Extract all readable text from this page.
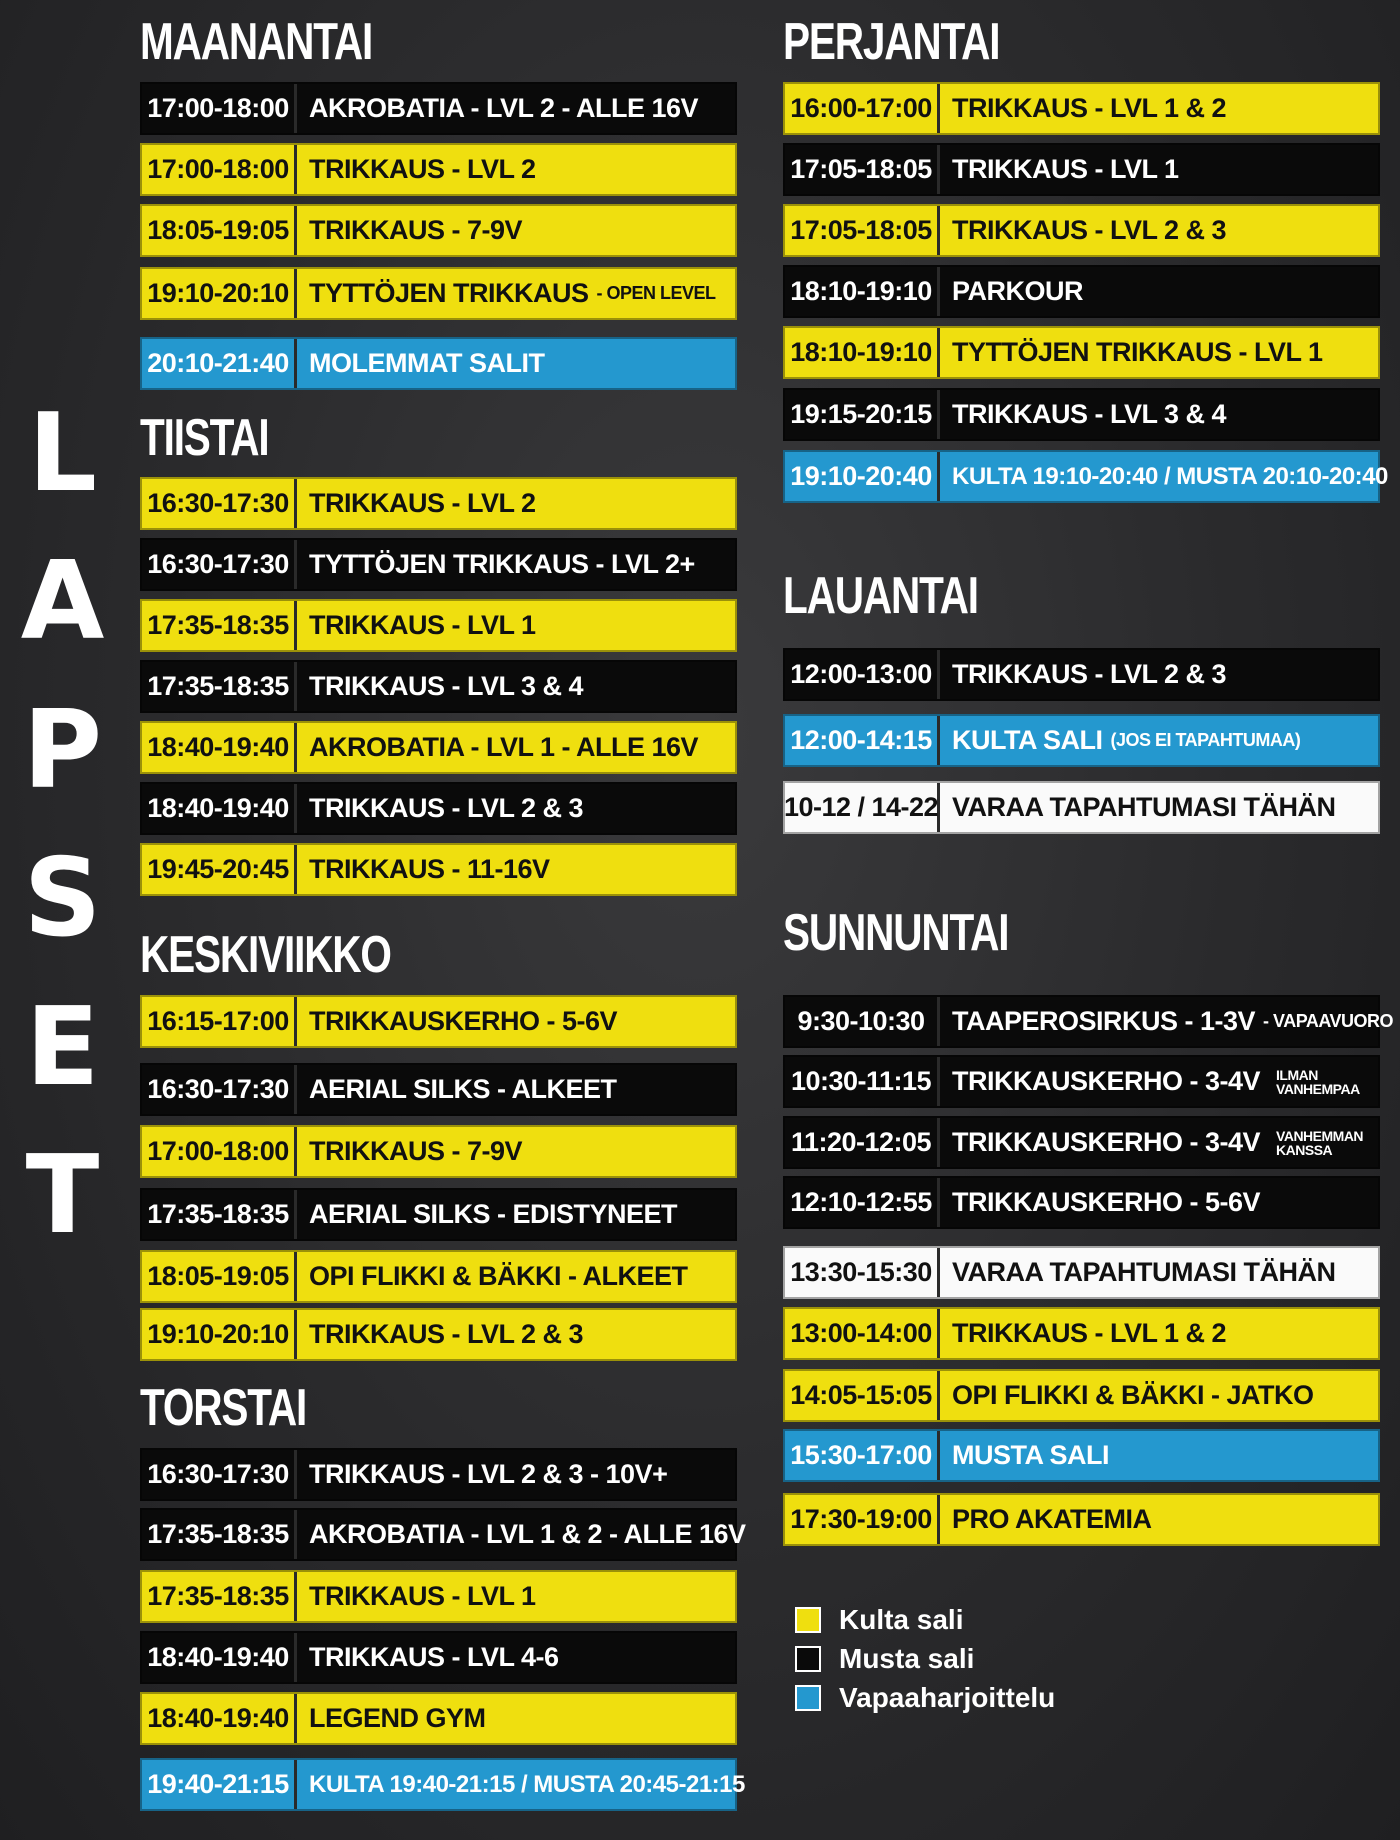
L
A
P
S
E
T
MAANANTAI
17:00-18:00 AKROBATIA - LVL 2 - ALLE 16V
17:00-18:00 TRIKKAUS - LVL 2
18:05-19:05 TRIKKAUS - 7-9V
19:10-20:10 TYTTÖJEN TRIKKAUS - OPEN LEVEL
20:10-21:40 MOLEMMAT SALIT
TIISTAI
16:30-17:30 TRIKKAUS - LVL 2
16:30-17:30 TYTTÖJEN TRIKKAUS - LVL 2+
17:35-18:35 TRIKKAUS - LVL 1
17:35-18:35 TRIKKAUS - LVL 3 & 4
18:40-19:40 AKROBATIA - LVL 1 - ALLE 16V
18:40-19:40 TRIKKAUS - LVL 2 & 3
19:45-20:45 TRIKKAUS - 11-16V
KESKIVIIKKO
16:15-17:00 TRIKKAUSKERHO - 5-6V
16:30-17:30 AERIAL SILKS - ALKEET
17:00-18:00 TRIKKAUS - 7-9V
17:35-18:35 AERIAL SILKS - EDISTYNEET
18:05-19:05 OPI FLIKKI & BÄKKI - ALKEET
19:10-20:10 TRIKKAUS - LVL 2 & 3
TORSTAI
16:30-17:30 TRIKKAUS - LVL 2 & 3 - 10V+
17:35-18:35 AKROBATIA - LVL 1 & 2 - ALLE 16V
17:35-18:35 TRIKKAUS - LVL 1
18:40-19:40 TRIKKAUS - LVL 4-6
18:40-19:40 LEGEND GYM
19:40-21:15 KULTA 19:40-21:15 / MUSTA 20:45-21:15
PERJANTAI
16:00-17:00 TRIKKAUS - LVL 1 & 2
17:05-18:05 TRIKKAUS - LVL 1
17:05-18:05 TRIKKAUS - LVL 2 & 3
18:10-19:10 PARKOUR
18:10-19:10 TYTTÖJEN TRIKKAUS - LVL 1
19:15-20:15 TRIKKAUS - LVL 3 & 4
19:10-20:40 KULTA 19:10-20:40 / MUSTA 20:10-20:40
LAUANTAI
12:00-13:00 TRIKKAUS - LVL 2 & 3
12:00-14:15 KULTA SALI (JOS EI TAPAHTUMAA)
10-12 / 14-22 VARAA TAPAHTUMASI TÄHÄN
SUNNUNTAI
9:30-10:30	TAAPEROSIRKUS - 1-3V - VAPAAVUORO
10:30-11:15 TRIKKAUSKERHO - 3-4V ILMAN
VANHEMPAA
11:20-12:05 TRIKKAUSKERHO - 3-4V VANHEMMAN
KANSSA
12:10-12:55 TRIKKAUSKERHO - 5-6V
13:30-15:30 VARAA TAPAHTUMASI TÄHÄN
13:00-14:00 TRIKKAUS - LVL 1 & 2
14:05-15:05 OPI FLIKKI & BÄKKI - JATKO
15:30-17:00 MUSTA SALI
17:30-19:00 PRO AKATEMIA
Kulta sali
Musta sali
Vapaaharjoittelu
